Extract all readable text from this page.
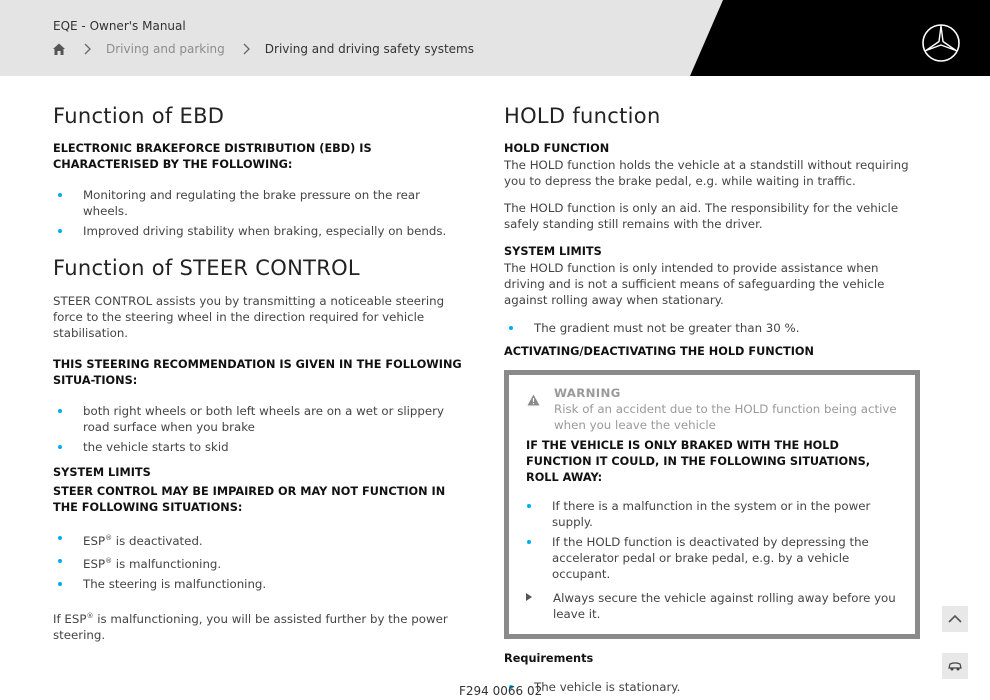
EQE - Owner's Manual
Driving and parking	Driving and driving safety systems
Function of EBD
ELECTRONIC BRAKEFORCE DISTRIBUTION (EBD) IS CHARACTERISED BY THE FOLLOWING:
Monitoring and regulating the brake pressure on the rear wheels.
Improved driving stability when braking, especially on bends.
Function of STEER CONTROL

STEER CONTROL assists you by transmitting a noticeable steering force to the steering wheel in the direction required for vehicle stabilisation.

THIS STEERING RECOMMENDATION IS GIVEN IN THE FOLLOWING SITUA-TIONS:
both right wheels or both left wheels are on a wet or slippery road surface when you brake
the vehicle starts to skid
SYSTEM LIMITS
STEER CONTROL MAY BE IMPAIRED OR MAY NOT FUNCTION IN THE FOLLOWING SITUATIONS:
ESP® is deactivated.
ESP® is malfunctioning.
The steering is malfunctioning.

If ESP® is malfunctioning, you will be assisted further by the power steering.

HOLD function
HOLD FUNCTION

The HOLD function holds the vehicle at a standstill without requiring you to depress the brake pedal, e.g. while waiting in traffic.

The HOLD function is only an aid. The responsibility for the vehicle safely standing still remains with the driver.

SYSTEM LIMITS

The HOLD function is only intended to provide assistance when driving and is not a sufficient means of safeguarding the vehicle against rolling away when stationary.

The gradient must not be greater than 30 %.
ACTIVATING/DEACTIVATING THE HOLD FUNCTION
WARNING
Risk of an accident due to the HOLD function being active when you leave the vehicle
IF THE VEHICLE IS ONLY BRAKED WITH THE HOLD FUNCTION IT COULD, IN THE FOLLOWING SITUATIONS, ROLL AWAY:
If there is a malfunction in the system or in the power supply.
If the HOLD function is deactivated by depressing the accelerator pedal or brake pedal, e.g. by a vehicle occupant.
Always secure the vehicle against rolling away before you leave it.
Requirements
The vehicle is stationary.
F294 0066 02
